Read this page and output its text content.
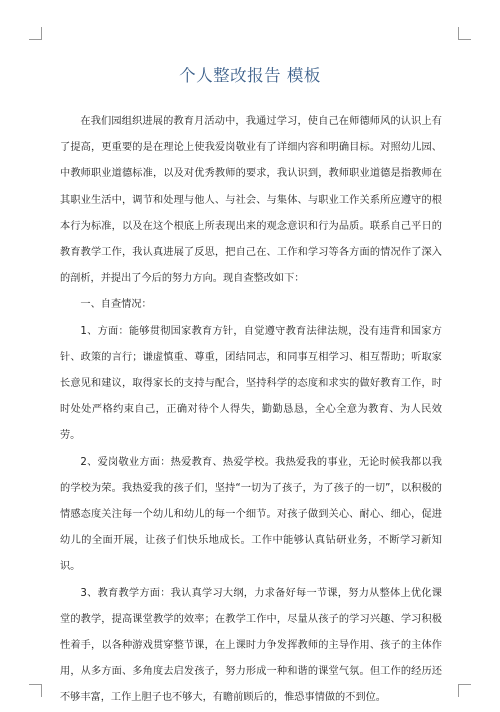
个人整改报告 模板

在我们园组织进展的教育月活动中，我通过学习，使自己在师德师风的认识上有了提高，更重要的是在理论上使我爱岗敬业有了详细内容和明确目标。对照幼儿园、中教师职业道德标准，以及对优秀教师的要求，我认识到，教师职业道德是指教师在其职业生活中，调节和处理与他人、与社会、与集体、与职业工作关系所应遵守的根本行为标准，以及在这个根底上所表现出来的观念意识和行为品质。联系自己平日的教育教学工作，我认真进展了反思，把自己在、工作和学习等各方面的情况作了深入的剖析，并提出了今后的努力方向。现自查整改如下：

一、自查情况：

1、方面：能够贯彻国家教育方针，自觉遵守教育法律法规，没有违背和国家方针、政策的言行；谦虚慎重、尊重，团结同志，和同事互相学习、相互帮助；听取家长意见和建议，取得家长的支持与配合，坚持科学的态度和求实的做好教育工作，时时处处严格约束自己，正确对待个人得失，勤勤恳恳，全心全意为教育、为人民效劳。

2、爱岗敬业方面：热爱教育、热爱学校。我热爱我的事业，无论时候我都以我的学校为荣。我热爱我的孩子们，坚持“一切为了孩子，为了孩子的一切”，以积极的情感态度关注每一个幼儿和幼儿的每一个细节。对孩子做到关心、耐心、细心，促进幼儿的全面开展，让孩子们快乐地成长。工作中能够认真钻研业务，不断学习新知识。

3、教育教学方面：我认真学习大纲，力求备好每一节课，努力从整体上优化课堂的教学，提高课堂教学的效率；在教学工作中，尽量从孩子的学习兴趣、学习积极性着手，以各种游戏贯穿整节课，在上课时力争发挥教师的主导作用、孩子的主体作用，从多方面、多角度去启发孩子，努力形成一种和谐的课堂气氛。但工作的经历还不够丰富，工作上胆子也不够大，有瞻前顾后的，惟恐事情做的不到位。
